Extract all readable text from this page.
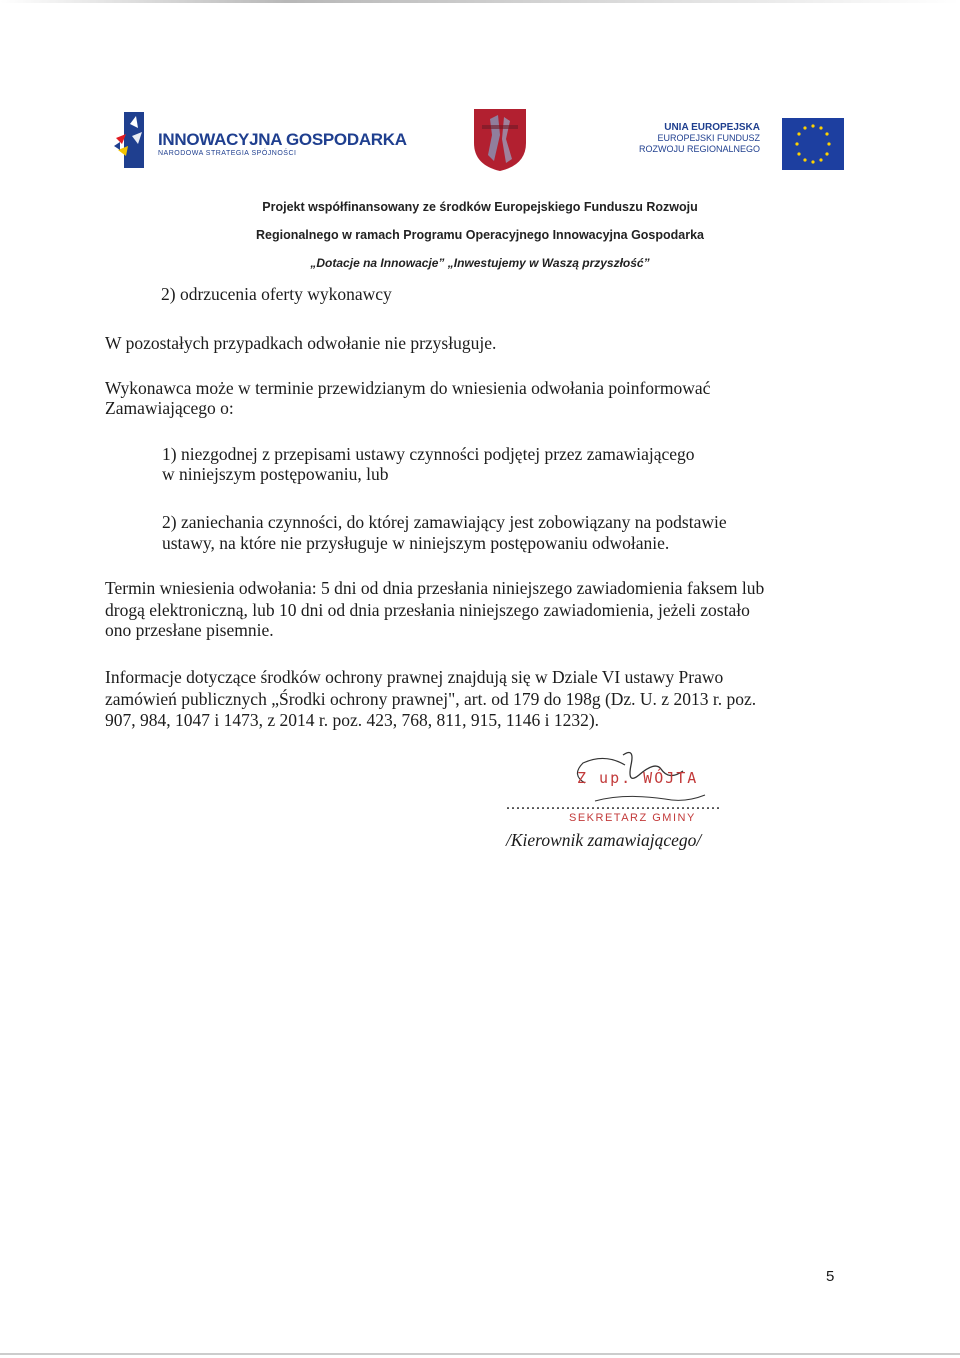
INNOWACYJNA GOSPODARKA
NARODOWA STRATEGIA SPÓJNOŚCI
UNIA EUROPEJSKA
EUROPEJSKI FUNDUSZ
ROZWOJU REGIONALNEGO
Projekt współfinansowany ze środków Europejskiego Funduszu Rozwoju
Regionalnego w ramach Programu Operacyjnego Innowacyjna Gospodarka
„Dotacje na Innowacje” „Inwestujemy w Waszą przyszłość”
2) odrzucenia oferty wykonawcy
W pozostałych przypadkach odwołanie nie przysługuje.
Wykonawca może w terminie przewidzianym do wniesienia odwołania poinformować
Zamawiającego o:
1) niezgodnej z przepisami ustawy czynności podjętej przez zamawiającego
w niniejszym postępowaniu, lub
2) zaniechania czynności, do której zamawiający jest zobowiązany na podstawie
ustawy, na które nie przysługuje w niniejszym postępowaniu odwołanie.
Termin wniesienia odwołania: 5 dni od dnia przesłania niniejszego zawiadomienia faksem lub
drogą elektroniczną, lub 10 dni od dnia przesłania niniejszego zawiadomienia, jeżeli zostało
ono przesłane pisemnie.
Informacje dotyczące środków ochrony prawnej znajdują się w Dziale VI ustawy Prawo
zamówień publicznych „Środki ochrony prawnej", art. od 179 do 198g (Dz. U. z 2013 r. poz.
907, 984, 1047 i 1473, z 2014 r. poz. 423, 768, 811, 915, 1146 i 1232).
Z up. WÓJTA
...........................................
SEKRETARZ GMINY
/Kierownik zamawiającego/
5
